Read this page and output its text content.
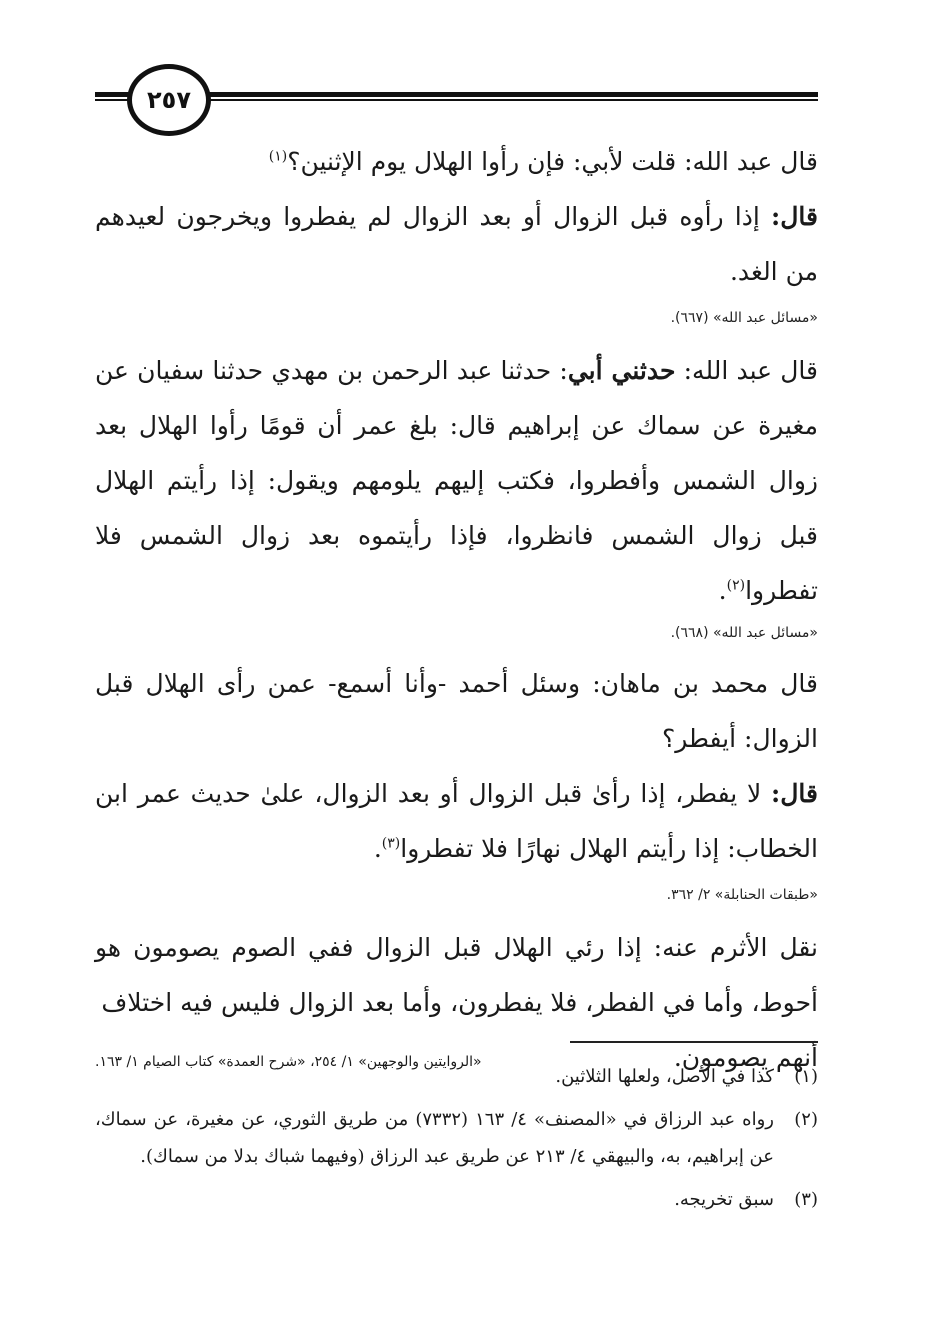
٢٥٧

قال عبد الله: قلت لأبي: فإن رأوا الهلال يوم الإثنين؟$^{(١)}$

قال: إذا رأوه قبل الزوال أو بعد الزوال لم يفطروا ويخرجون لعيدهم من الغد.

«مسائل عبد الله» (٦٦٧).

قال عبد الله: حدثني أبي: حدثنا عبد الرحمن بن مهدي حدثنا سفيان عن مغيرة عن سماك عن إبراهيم قال: بلغ عمر أن قومًا رأوا الهلال بعد زوال الشمس وأفطروا، فكتب إليهم يلومهم ويقول: إذا رأيتم الهلال قبل زوال الشمس فانظروا، فإذا رأيتموه بعد زوال الشمس فلا تفطروا$^{(٢)}$.

«مسائل عبد الله» (٦٦٨).

قال محمد بن ماهان: وسئل أحمد -وأنا أسمع- عمن رأى الهلال قبل الزوال: أيفطر؟

قال: لا يفطر، إذا رأىٰ قبل الزوال أو بعد الزوال، علىٰ حديث عمر ابن الخطاب: إذا رأيتم الهلال نهارًا فلا تفطروا$^{(٣)}$.

«طبقات الحنابلة» ٢/ ٣٦٢.

نقل الأثرم عنه: إذا رئي الهلال قبل الزوال ففي الصوم يصومون هو أحوط، وأما في الفطر، فلا يفطرون، وأما بعد الزوال فليس فيه اختلاف

أنهم يصومون.
«الروايتين والوجهين» ١/ ٢٥٤، «شرح العمدة» كتاب الصيام ١/ ١٦٣.
(١)
كذا في الأصل، ولعلها الثلاثين.
(٢)
رواه عبد الرزاق في «المصنف» ٤/ ١٦٣ (٧٣٣٢) من طريق الثوري، عن مغيرة، عن سماك، عن إبراهيم، به، والبيهقي ٤/ ٢١٣ عن طريق عبد الرزاق (وفيهما شباك بدلا من سماك).
(٣)
سبق تخريجه.
